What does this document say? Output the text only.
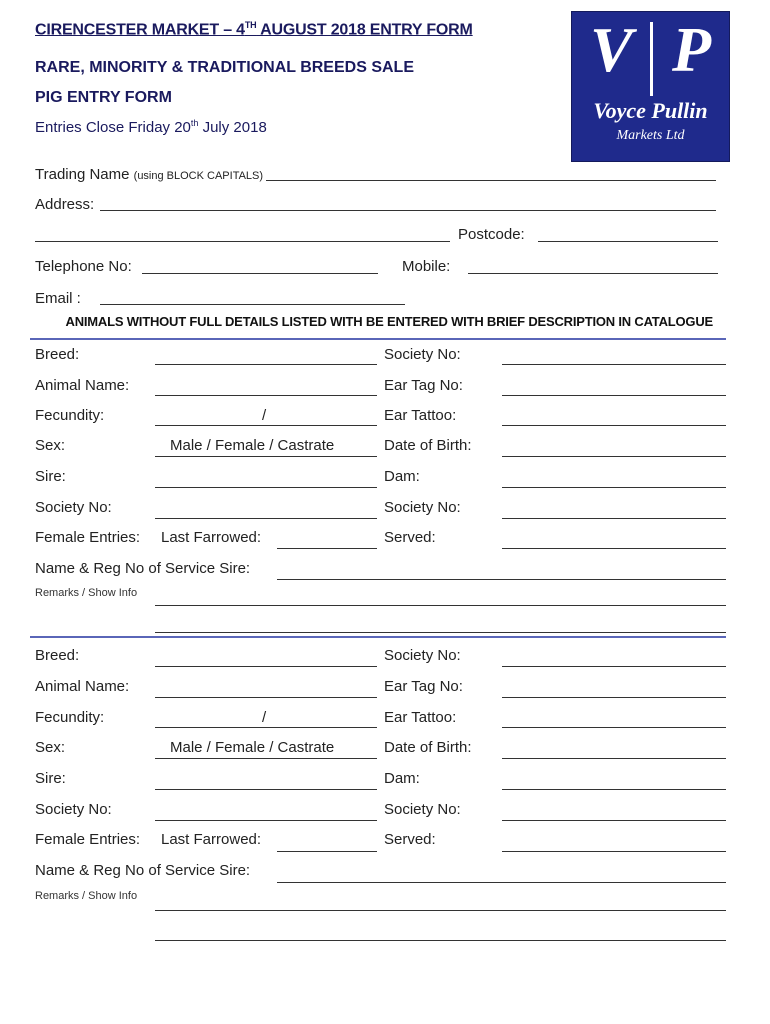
CIRENCESTER MARKET – 4TH AUGUST 2018 ENTRY FORM
RARE, MINORITY & TRADITIONAL BREEDS SALE
PIG ENTRY FORM
Entries Close Friday 20th July 2018
V P
Voyce Pullin
Markets Ltd
Trading Name (using BLOCK CAPITALS)
Address:
Postcode:
Telephone No:	Mobile:
Email :
ANIMALS WITHOUT FULL DETAILS LISTED WITH BE ENTERED WITH BRIEF DESCRIPTION IN CATALOGUE
Breed:	Society No:
Animal Name:	Ear Tag No:
Fecundity:	/	Ear Tattoo:
Sex:	Male / Female / Castrate	Date of Birth:
Sire:	Dam:
Society No:	Society No:
Female Entries: Last Farrowed:	Served:
Name & Reg No of Service Sire:
Remarks / Show Info
Breed:	Society No:
Animal Name:	Ear Tag No:
Fecundity:	/	Ear Tattoo:
Sex:	Male / Female / Castrate	Date of Birth:
Sire:	Dam:
Society No:	Society No:
Female Entries: Last Farrowed:	Served:
Name & Reg No of Service Sire:
Remarks / Show Info
